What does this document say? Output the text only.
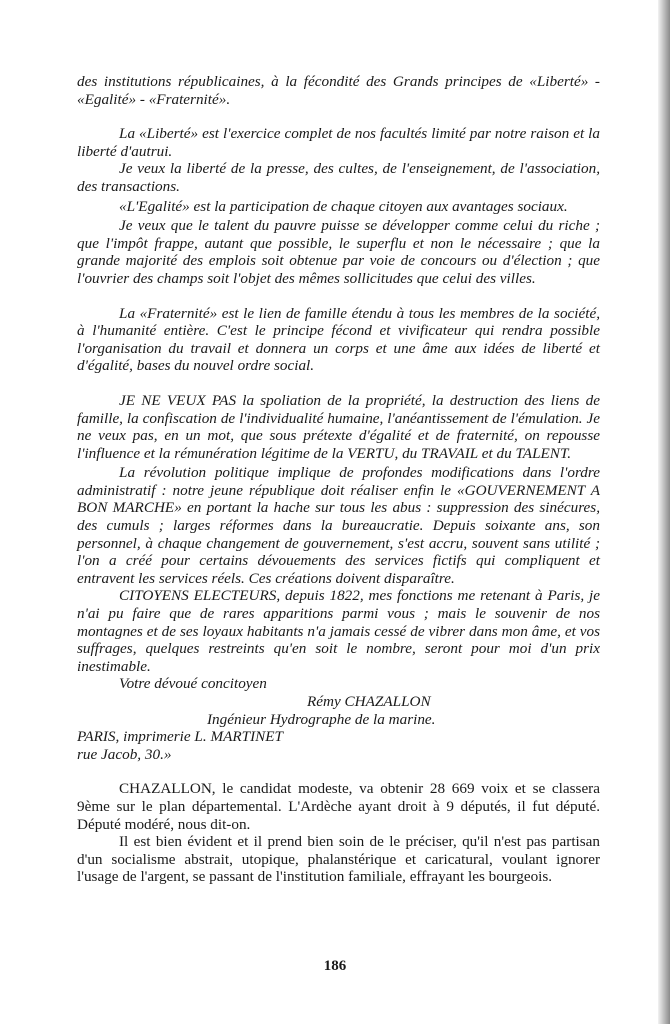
des institutions républicaines, à la fécondité des Grands principes de «Liberté» - «Egalité» - «Fraternité».

La «Liberté» est l'exercice complet de nos facultés limité par notre raison et la liberté d'autrui.

Je veux la liberté de la presse, des cultes, de l'enseignement, de l'association, des transactions.

«L'Egalité» est la participation de chaque citoyen aux avantages sociaux.

Je veux que le talent du pauvre puisse se développer comme celui du riche ; que l'impôt frappe, autant que possible, le superflu et non le nécessaire ; que la grande majorité des emplois soit obtenue par voie de concours ou d'élection ; que l'ouvrier des champs soit l'objet des mêmes sollicitudes que celui des villes.

La «Fraternité» est le lien de famille étendu à tous les membres de la société, à l'humanité entière. C'est le principe fécond et vivificateur qui rendra possible l'organisation du travail et donnera un corps et une âme aux idées de liberté et d'égalité, bases du nouvel ordre social.

JE NE VEUX PAS la spoliation de la propriété, la destruction des liens de famille, la confiscation de l'individualité humaine, l'anéantissement de l'émulation. Je ne veux pas, en un mot, que sous prétexte d'égalité et de fraternité, on repousse l'influence et la rémunération légitime de la VERTU, du TRAVAIL et du TALENT.

La révolution politique implique de profondes modifications dans l'ordre administratif : notre jeune république doit réaliser enfin le «GOUVERNEMENT A BON MARCHE» en portant la hache sur tous les abus : suppression des sinécures, des cumuls ; larges réformes dans la bureaucratie. Depuis soixante ans, son personnel, à chaque changement de gouvernement, s'est accru, souvent sans utilité ; l'on a créé pour certains dévouements des services fictifs qui compliquent et entravent les services réels. Ces créations doivent disparaître.

CITOYENS ELECTEURS, depuis 1822, mes fonctions me retenant à Paris, je n'ai pu faire que de rares apparitions parmi vous ; mais le souvenir de nos montagnes et de ses loyaux habitants n'a jamais cessé de vibrer dans mon âme, et vos suffrages, quelques restreints qu'en soit le nombre, seront pour moi d'un prix inestimable.

Votre dévoué concitoyen

Rémy CHAZALLON

Ingénieur Hydrographe de la marine.

PARIS, imprimerie L. MARTINET

rue Jacob, 30.»

CHAZALLON, le candidat modeste, va obtenir 28 669 voix et se classera 9ème sur le plan départemental. L'Ardèche ayant droit à 9 députés, il fut député. Député modéré, nous dit-on.

Il est bien évident et il prend bien soin de le préciser, qu'il n'est pas partisan d'un socialisme abstrait, utopique, phalanstérique et caricatural, voulant ignorer l'usage de l'argent, se passant de l'institution familiale, effrayant les bourgeois.

186
